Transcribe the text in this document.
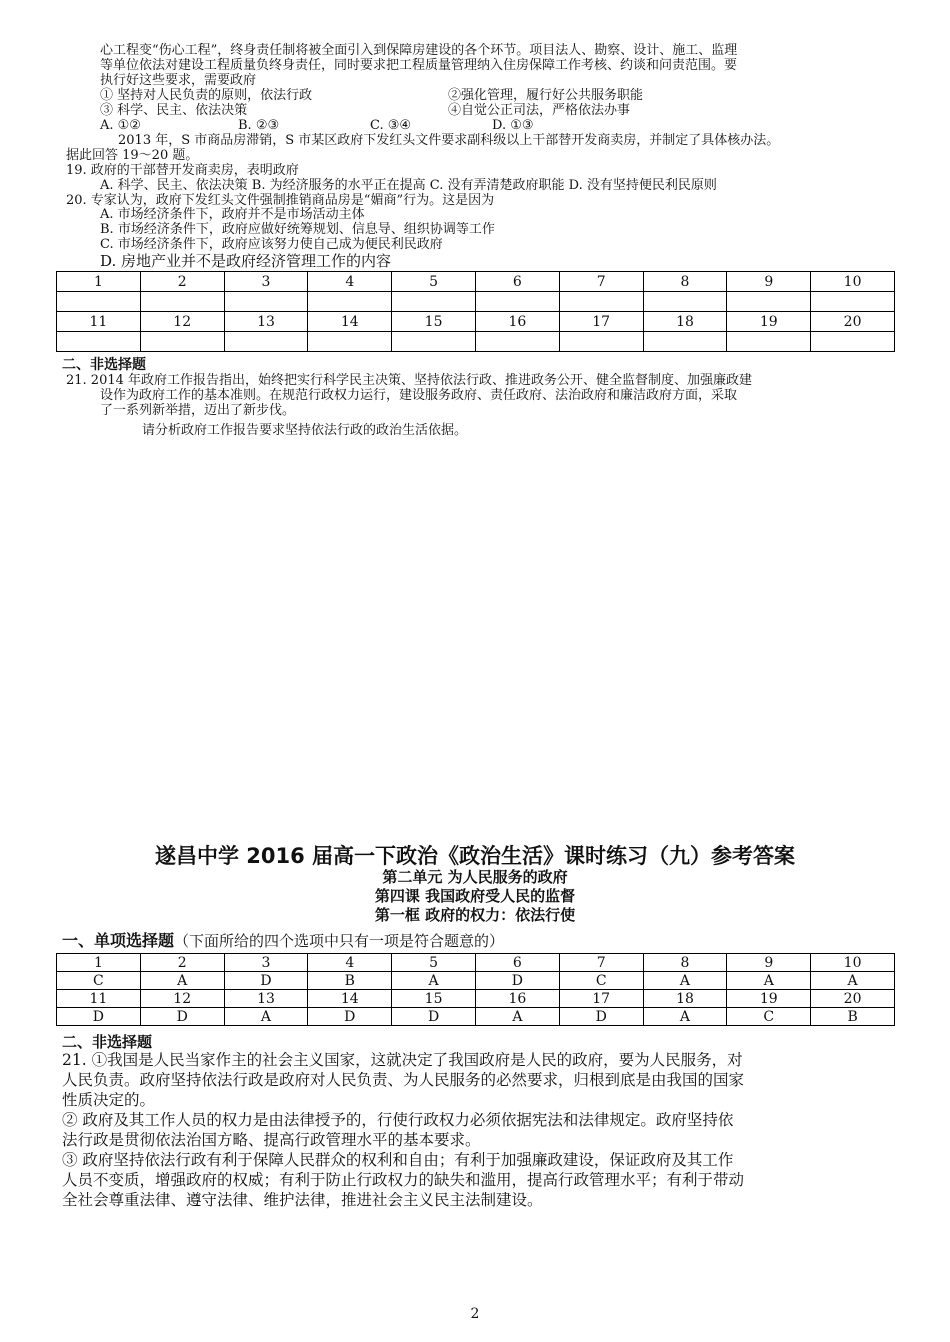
心工程变“伤心工程”，终身责任制将被全面引入到保障房建设的各个环节。项目法人、勘察、设计、施工、监理
等单位依法对建设工程质量负终身责任，同时要求把工程质量管理纳入住房保障工作考核、约谈和问责范围。要
执行好这些要求，需要政府
① 坚持对人民负责的原则，依法行政	②强化管理，履行好公共服务职能
③ 科学、民主、依法决策	④自觉公正司法，严格依法办事
A. ①②	B. ②③	C. ③④	D. ①③
2013 年，S 市商品房滞销，S 市某区政府下发红头文件要求副科级以上干部替开发商卖房，并制定了具体核办法。
据此回答 19～20 题。
19. 政府的干部替开发商卖房，表明政府
A. 科学、民主、依法决策 B. 为经济服务的水平正在提高 C. 没有弄清楚政府职能 D. 没有坚持便民利民原则
20. 专家认为，政府下发红头文件强制推销商品房是“媚商”行为。这是因为
A. 市场经济条件下，政府并不是市场活动主体
B. 市场经济条件下，政府应做好统筹规划、信息导、组织协调等工作
C. 市场经济条件下，政府应该努力使自己成为便民利民政府
D. 房地产业并不是政府经济管理工作的内容
1	2	3	4	5	6	7	8	9	10

11	12	13	14	15	16	17	18	19	20

二、非选择题
21. 2014 年政府工作报告指出，始终把实行科学民主决策、坚持依法行政、推进政务公开、健全监督制度、加强廉政建
设作为政府工作的基本准则。在规范行政权力运行，建设服务政府、责任政府、法治政府和廉洁政府方面，采取
了一系列新举措，迈出了新步伐。
请分析政府工作报告要求坚持依法行政的政治生活依据。
遂昌中学 2016 届高一下政治《政治生活》课时练习（九）参考答案
第二单元 为人民服务的政府
第四课 我国政府受人民的监督
第一框 政府的权力：依法行使
一、单项选择题（下面所给的四个选项中只有一项是符合题意的）
1	2	3	4	5	6	7	8	9	10
C	A	D	B	A	D	C	A	A	A
11	12	13	14	15	16	17	18	19	20
D	D	A	D	D	A	D	A	C	B
二、非选择题
21. ①我国是人民当家作主的社会主义国家，这就决定了我国政府是人民的政府，要为人民服务，对
人民负责。政府坚持依法行政是政府对人民负责、为人民服务的必然要求，归根到底是由我国的国家
性质决定的。
② 政府及其工作人员的权力是由法律授予的，行使行政权力必须依据宪法和法律规定。政府坚持依
法行政是贯彻依法治国方略、提高行政管理水平的基本要求。
③ 政府坚持依法行政有利于保障人民群众的权利和自由；有利于加强廉政建设，保证政府及其工作
人员不变质，增强政府的权威；有利于防止行政权力的缺失和滥用，提高行政管理水平；有利于带动
全社会尊重法律、遵守法律、维护法律，推进社会主义民主法制建设。
2
